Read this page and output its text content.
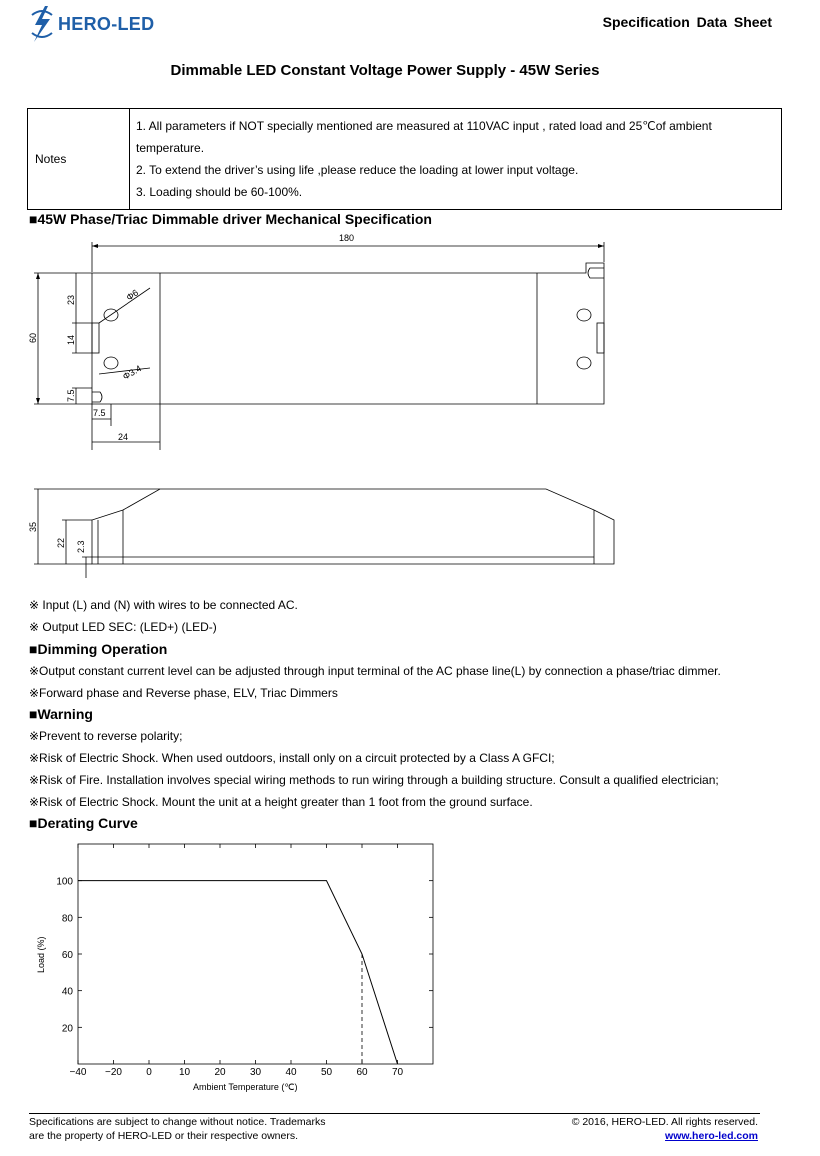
HERO-LED	Specification Data Sheet
Dimmable LED Constant Voltage Power Supply - 45W Series
Notes	
1. All parameters if NOT specially mentioned are measured at 110VAC input , rated load and 25℃of ambient temperature.
2. To extend the driver’s using life ,please reduce the loading at lower input voltage.
3. Loading should be 60-100%.
■45W Phase/Triac Dimmable driver Mechanical Specification
180
60
23
14
7.5
Φ6
Φ3.4
7.5
24
35
22 2.3
※ Input (L) and (N) with wires to be connected AC.
※ Output LED SEC: (LED+) (LED-)
■Dimming Operation
※Output constant current level can be adjusted through input terminal of the AC phase line(L) by connection a phase/triac dimmer.
※Forward phase and Reverse phase, ELV, Triac Dimmers
■Warning
※Prevent to reverse polarity;
※Risk of Electric Shock. When used outdoors, install only on a circuit protected by a Class A GFCI;
※Risk of Fire. Installation involves special wiring methods to run wiring through a building structure. Consult a qualified electrician;
※Risk of Electric Shock. Mount the unit at a height greater than 1 foot from the ground surface.
■Derating Curve
−40 −20 0	10 20 30 40 50 60 70
20
40
60
80
100
Load (%)
Ambient Temperature (℃)
Specifications are subject to change without notice. Trademarks
are the property of HERO-LED or their respective owners.
© 2016, HERO-LED. All rights reserved.
www.hero-led.com
